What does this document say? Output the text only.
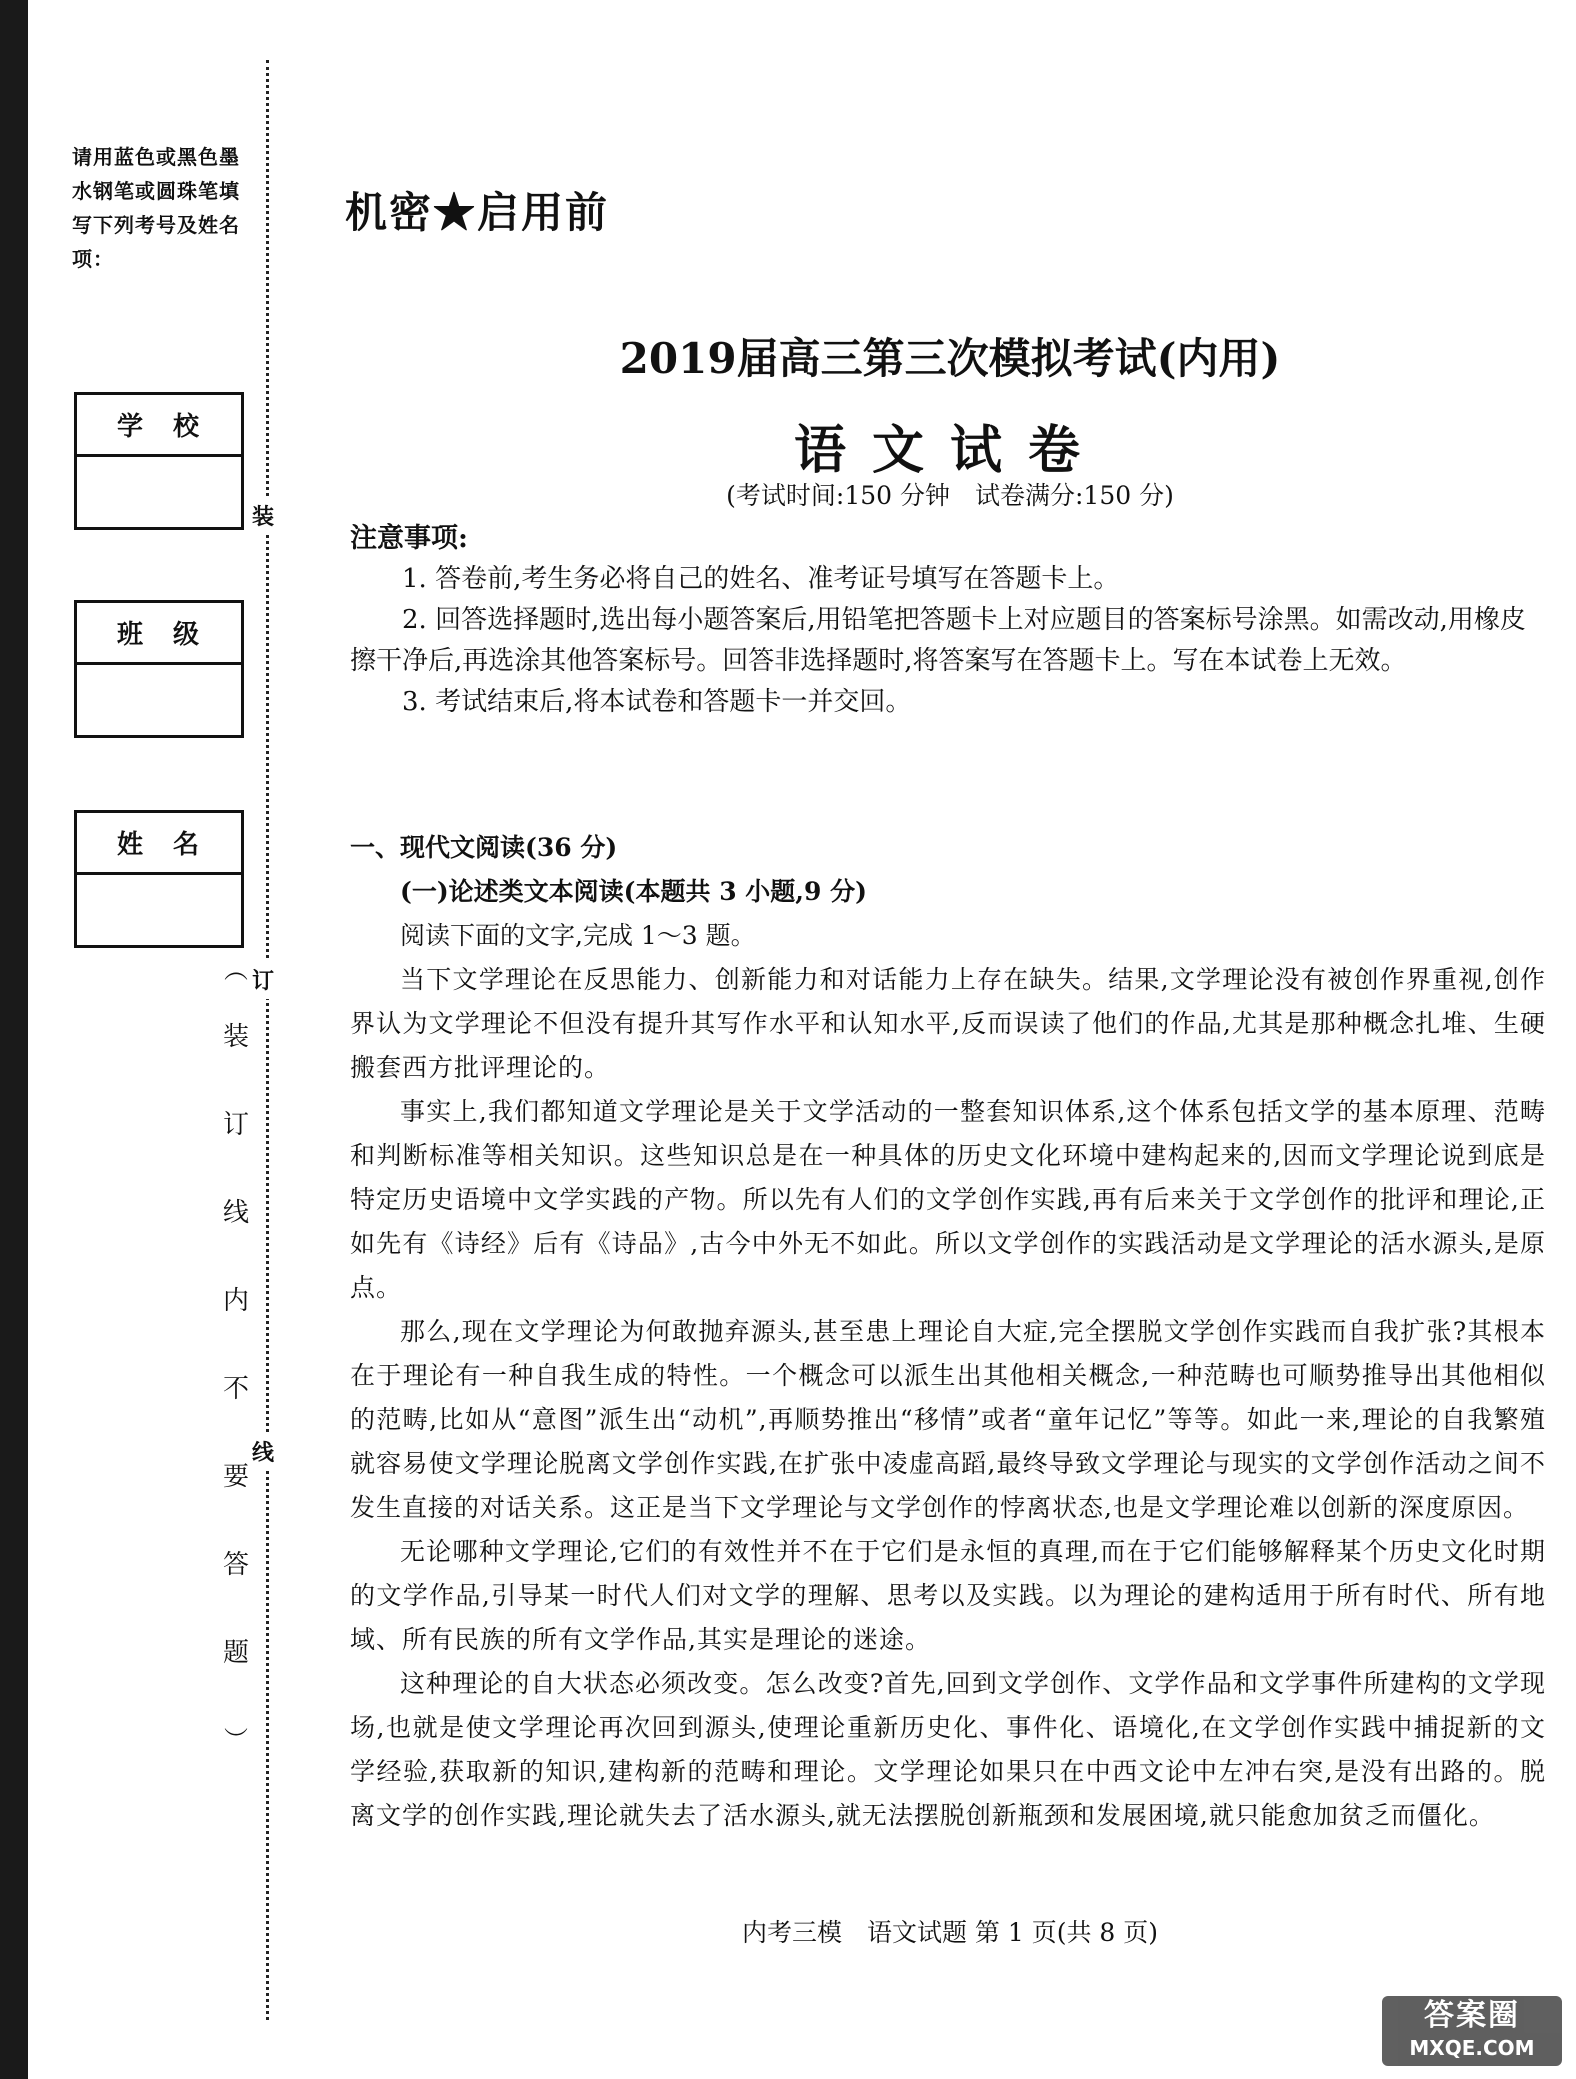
装
订
线
请用蓝色或黑色墨水钢笔或圆珠笔填写下列考号及姓名项：
学校
班级
姓名
︵
装
订
线
内
不
要
答
题
︶
机密★启用前
2019届高三第三次模拟考试(内用)
语文试卷
(考试时间:150 分钟　试卷满分:150 分)
注意事项:

1. 答卷前,考生务必将自己的姓名、准考证号填写在答题卡上。

2. 回答选择题时,选出每小题答案后,用铅笔把答题卡上对应题目的答案标号涂黑。如需改动,用橡皮擦干净后,再选涂其他答案标号。回答非选择题时,将答案写在答题卡上。写在本试卷上无效。

3. 考试结束后,将本试卷和答题卡一并交回。

一、现代文阅读(36 分)
(一)论述类文本阅读(本题共 3 小题,9 分)

阅读下面的文字,完成 1～3 题。

当下文学理论在反思能力、创新能力和对话能力上存在缺失。结果,文学理论没有被创作界重视,创作界认为文学理论不但没有提升其写作水平和认知水平,反而误读了他们的作品,尤其是那种概念扎堆、生硬搬套西方批评理论的。

事实上,我们都知道文学理论是关于文学活动的一整套知识体系,这个体系包括文学的基本原理、范畴和判断标准等相关知识。这些知识总是在一种具体的历史文化环境中建构起来的,因而文学理论说到底是特定历史语境中文学实践的产物。所以先有人们的文学创作实践,再有后来关于文学创作的批评和理论,正如先有《诗经》后有《诗品》,古今中外无不如此。所以文学创作的实践活动是文学理论的活水源头,是原点。

那么,现在文学理论为何敢抛弃源头,甚至患上理论自大症,完全摆脱文学创作实践而自我扩张?其根本在于理论有一种自我生成的特性。一个概念可以派生出其他相关概念,一种范畴也可顺势推导出其他相似的范畴,比如从“意图”派生出“动机”,再顺势推出“移情”或者“童年记忆”等等。如此一来,理论的自我繁殖就容易使文学理论脱离文学创作实践,在扩张中凌虚高蹈,最终导致文学理论与现实的文学创作活动之间不发生直接的对话关系。这正是当下文学理论与文学创作的悖离状态,也是文学理论难以创新的深度原因。

无论哪种文学理论,它们的有效性并不在于它们是永恒的真理,而在于它们能够解释某个历史文化时期的文学作品,引导某一时代人们对文学的理解、思考以及实践。以为理论的建构适用于所有时代、所有地域、所有民族的所有文学作品,其实是理论的迷途。

这种理论的自大状态必须改变。怎么改变?首先,回到文学创作、文学作品和文学事件所建构的文学现场,也就是使文学理论再次回到源头,使理论重新历史化、事件化、语境化,在文学创作实践中捕捉新的文学经验,获取新的知识,建构新的范畴和理论。文学理论如果只在中西文论中左冲右突,是没有出路的。脱离文学的创作实践,理论就失去了活水源头,就无法摆脱创新瓶颈和发展困境,就只能愈加贫乏而僵化。

内考三模　语文试题 第 1 页(共 8 页)
答案圈
MXQE.COM
